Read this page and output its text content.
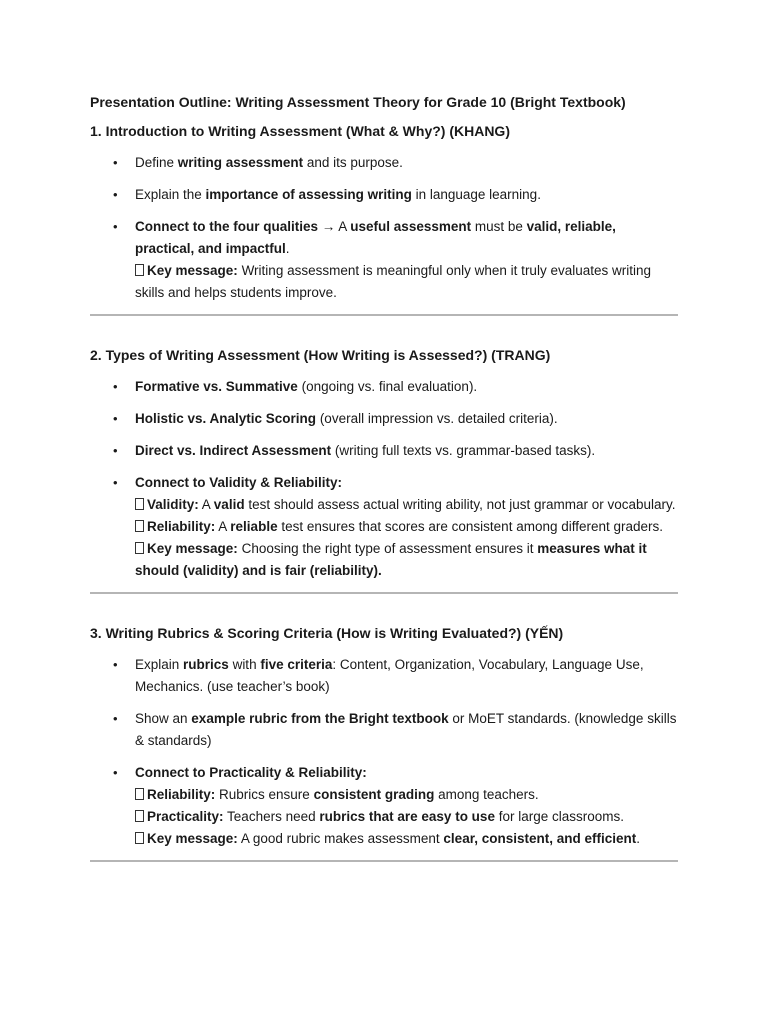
Presentation Outline: Writing Assessment Theory for Grade 10 (Bright Textbook)

1. Introduction to Writing Assessment (What & Why?) (KHANG)

• Define writing assessment and its purpose.
• Explain the importance of assessing writing in language learning.
• Connect to the four qualities → A useful assessment must be valid, reliable, practical, and impactful.
Key message: Writing assessment is meaningful only when it truly evaluates writing skills and helps students improve.

2. Types of Writing Assessment (How Writing is Assessed?) (TRANG)

• Formative vs. Summative (ongoing vs. final evaluation).
• Holistic vs. Analytic Scoring (overall impression vs. detailed criteria).
• Direct vs. Indirect Assessment (writing full texts vs. grammar-based tasks).
• Connect to Validity & Reliability:
Validity: A valid test should assess actual writing ability, not just grammar or vocabulary.
Reliability: A reliable test ensures that scores are consistent among different graders.
Key message: Choosing the right type of assessment ensures it measures what it should (validity) and is fair (reliability).

3. Writing Rubrics & Scoring Criteria (How is Writing Evaluated?) (YẾN)

• Explain rubrics with five criteria: Content, Organization, Vocabulary, Language Use, Mechanics. (use teacher’s book)
• Show an example rubric from the Bright textbook or MoET standards. (knowledge skills & standards)
• Connect to Practicality & Reliability:
Reliability: Rubrics ensure consistent grading among teachers.
Practicality: Teachers need rubrics that are easy to use for large classrooms.
Key message: A good rubric makes assessment clear, consistent, and efficient.
